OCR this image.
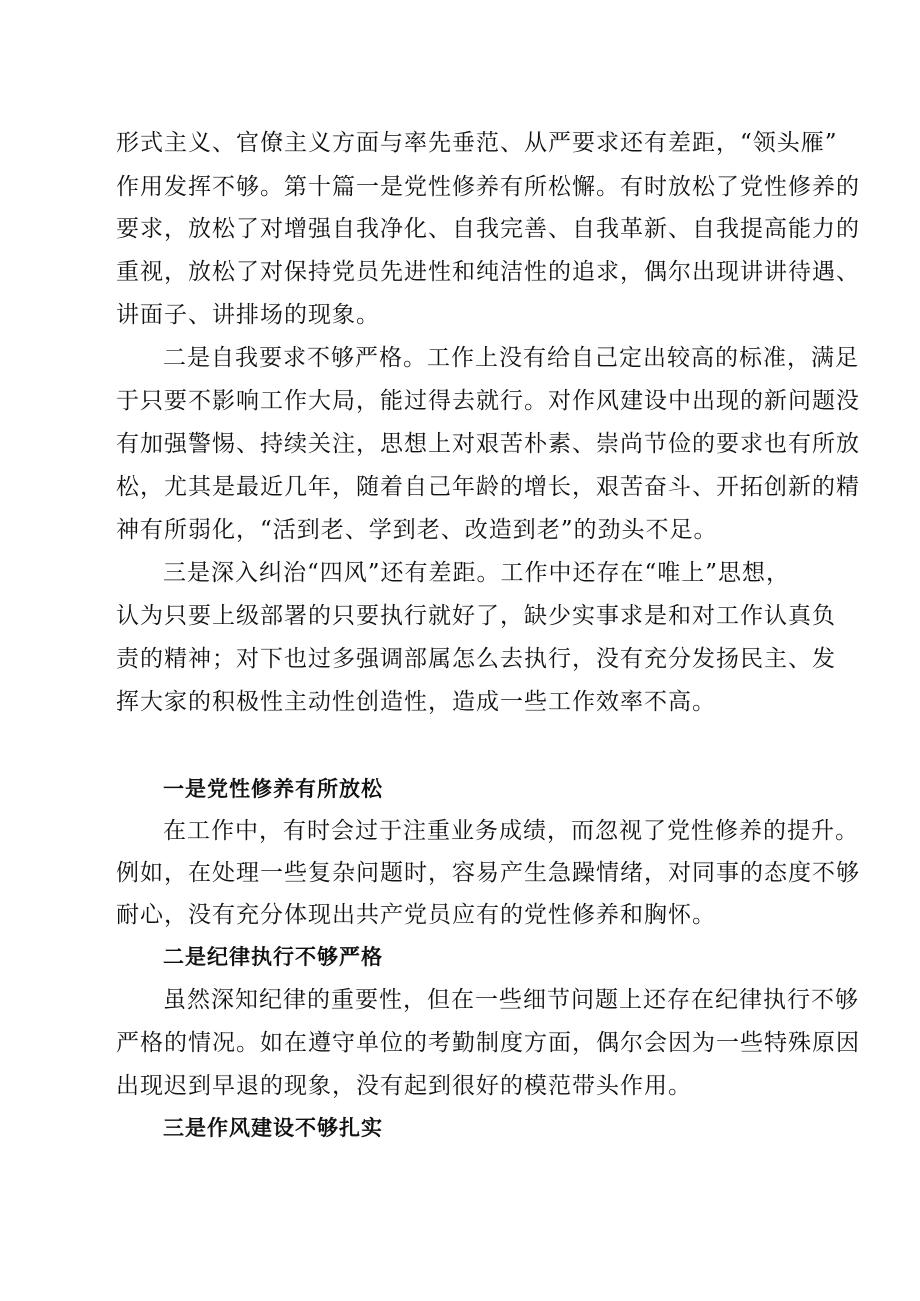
形式主义、官僚主义方面与率先垂范、从严要求还有差距，“领头雁”

作用发挥不够。第十篇一是党性修养有所松懈。有时放松了党性修养的

要求，放松了对增强自我净化、自我完善、自我革新、自我提高能力的

重视，放松了对保持党员先进性和纯洁性的追求，偶尔出现讲讲待遇、

讲面子、讲排场的现象。

二是自我要求不够严格。工作上没有给自己定出较高的标准，满足

于只要不影响工作大局，能过得去就行。对作风建设中出现的新问题没

有加强警惕、持续关注，思想上对艰苦朴素、崇尚节俭的要求也有所放

松，尤其是最近几年，随着自己年龄的增长，艰苦奋斗、开拓创新的精

神有所弱化，“活到老、学到老、改造到老”的劲头不足。

三是深入纠治“四风”还有差距。工作中还存在“唯上”思想，

认为只要上级部署的只要执行就好了，缺少实事求是和对工作认真负

责的精神；对下也过多强调部属怎么去执行，没有充分发扬民主、发

挥大家的积极性主动性创造性，造成一些工作效率不高。

一是党性修养有所放松

在工作中，有时会过于注重业务成绩，而忽视了党性修养的提升。

例如，在处理一些复杂问题时，容易产生急躁情绪，对同事的态度不够

耐心，没有充分体现出共产党员应有的党性修养和胸怀。

二是纪律执行不够严格

虽然深知纪律的重要性，但在一些细节问题上还存在纪律执行不够

严格的情况。如在遵守单位的考勤制度方面，偶尔会因为一些特殊原因

出现迟到早退的现象，没有起到很好的模范带头作用。

三是作风建设不够扎实
